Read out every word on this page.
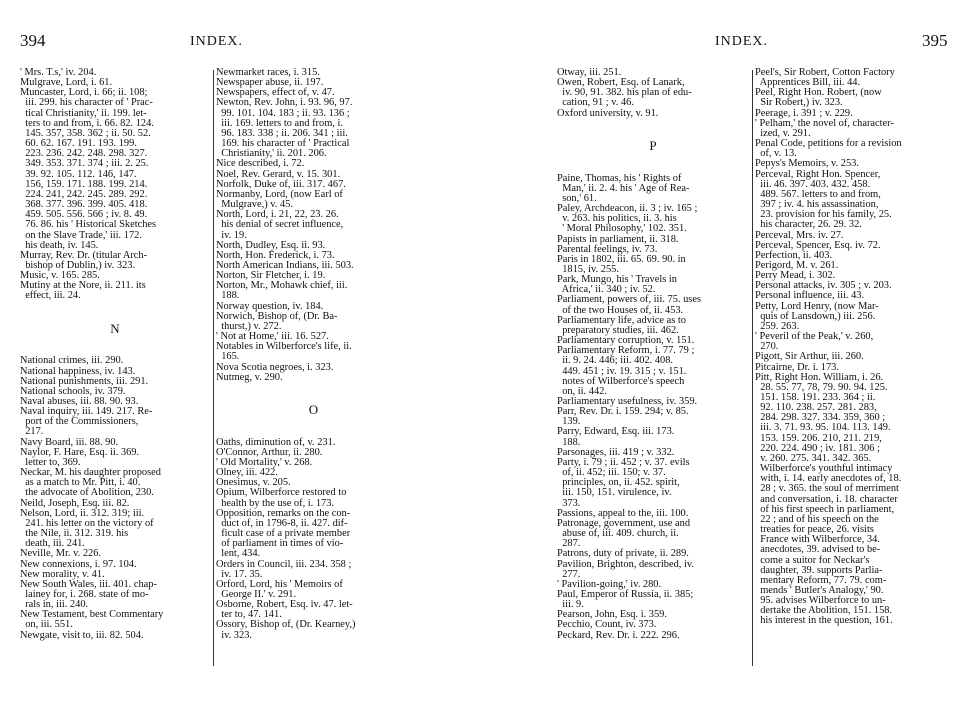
394	INDEX.	INDEX.	395
' Mrs. T.s,' iv. 204.
Mulgrave, Lord, i. 61.
Muncaster, Lord, i. 66; ii. 108;
iii. 299. his character of ' Prac-
tical Christianity,' ii. 199. let-
ters to and from, i. 66. 82. 124.
145. 357, 358. 362 ; ii. 50. 52.
60. 62. 167. 191. 193. 199.
223. 236. 242. 248. 298. 327.
349. 353. 371. 374 ; iii. 2. 25.
39. 92. 105. 112. 146, 147.
156, 159. 171. 188. 199. 214.
224. 241, 242. 245. 289. 292.
368. 377. 396. 399. 405. 418.
459. 505. 556. 566 ; iv. 8. 49.
76. 86. his ' Historical Sketches
on the Slave Trade,' iii. 172.
his death, iv. 145.
Murray, Rev. Dr. (titular Arch-
bishop of Dublin,) iv. 323.
Music, v. 165. 285.
Mutiny at the Nore, ii. 211. its
effect, iii. 24.

N

National crimes, iii. 290.
National happiness, iv. 143.
National punishments, iii. 291.
National schools, iv. 379.
Naval abuses, iii. 88. 90. 93.
Naval inquiry, iii. 149. 217. Re-
port of the Commissioners,
217.
Navy Board, iii. 88. 90.
Naylor, F. Hare, Esq. ii. 369.
letter to, 369.
Neckar, M. his daughter proposed
as a match to Mr. Pitt, i. 40.
the advocate of Abolition, 230.
Neild, Joseph, Esq. iii. 82.
Nelson, Lord, ii. 312. 319; iii.
241. his letter on the victory of
the Nile, ii. 312. 319. his
death, iii. 241.
Neville, Mr. v. 226.
New connexions, i. 97. 104.
New morality, v. 41.
New South Wales, iii. 401. chap-
lainey for, i. 268. state of mo-
rals in, iii. 240.
New Testament, best Commentary
on, iii. 551.
Newgate, visit to, iii. 82. 504.
Newmarket races, i. 315.
Newspaper abuse, ii. 197.
Newspapers, effect of, v. 47.
Newton, Rev. John, i. 93. 96, 97.
99. 101. 104. 183 ; ii. 93. 136 ;
iii. 169. letters to and from, i.
96. 183. 338 ; ii. 206. 341 ; iii.
169. his character of ' Practical
Christianity,' ii. 201. 206.
Nice described, i. 72.
Noel, Rev. Gerard, v. 15. 301.
Norfolk, Duke of, iii. 317. 467.
Normanby, Lord, (now Earl of
Mulgrave,) v. 45.
North, Lord, i. 21, 22, 23. 26.
his denial of secret influence,
iv. 19.
North, Dudley, Esq. ii. 93.
North, Hon. Frederick, i. 73.
North American Indians, iii. 503.
Norton, Sir Fletcher, i. 19.
Norton, Mr., Mohawk chief, iii.
188.
Norway question, iv. 184.
Norwich, Bishop of, (Dr. Ba-
thurst,) v. 272.
' Not at Home,' iii. 16. 527.
Notables in Wilberforce's life, ii.
165.
Nova Scotia negroes, i. 323.
Nutmeg, v. 290.

O

Oaths, diminution of, v. 231.
O'Connor, Arthur, ii. 280.
' Old Mortality,' v. 268.
Olney, iii. 422.
Onesimus, v. 205.
Opium, Wilberforce restored to
health by the use of, i. 173.
Opposition, remarks on the con-
duct of, in 1796-8, ii. 427. dif-
ficult case of a private member
of parliament in times of vio-
lent, 434.
Orders in Council, iii. 234. 358 ;
iv. 17. 35.
Orford, Lord, his ' Memoirs of
George II.' v. 291.
Osborne, Robert, Esq. iv. 47. let-
ter to, 47. 141.
Ossory, Bishop of, (Dr. Kearney,)
iv. 323.
Otway, iii. 251.
Owen, Robert, Esq. of Lanark,
iv. 90, 91. 382. his plan of edu-
cation, 91 ; v. 46.
Oxford university, v. 91.

P

Paine, Thomas, his ' Rights of
Man,' ii. 2. 4. his ' Age of Rea-
son,' 61.
Paley, Archdeacon, ii. 3 ; iv. 165 ;
v. 263. his politics, ii. 3. his
' Moral Philosophy,' 102. 351.
Papists in parliament, ii. 318.
Parental feelings, iv. 73.
Paris in 1802, iii. 65. 69. 90. in
1815, iv. 255.
Park, Mungo, his ' Travels in
Africa,' ii. 340 ; iv. 52.
Parliament, powers of, iii. 75. uses
of the two Houses of, ii. 453.
Parliamentary life, advice as to
preparatory studies, iii. 462.
Parliamentary corruption, v. 151.
Parliamentary Reform, i. 77. 79 ;
ii. 9. 24. 446; iii. 402. 408.
449. 451 ; iv. 19. 315 ; v. 151.
notes of Wilberforce's speech
on, ii. 442.
Parliamentary usefulness, iv. 359.
Parr, Rev. Dr. i. 159. 294; v. 85.
139.
Parry, Edward, Esq. iii. 173.
188.
Parsonages, iii. 419 ; v. 332.
Party, i. 79 ; ii. 452 ; v. 37. evils
of, ii. 452; iii. 150; v. 37.
principles, on, ii. 452. spirit,
iii. 150, 151. virulence, iv.
373.
Passions, appeal to the, iii. 100.
Patronage, government, use and
abuse of, iii. 409. church, ii.
287.
Patrons, duty of private, ii. 289.
Pavilion, Brighton, described, iv.
277.
' Pavilion-going,' iv. 280.
Paul, Emperor of Russia, ii. 385;
iii. 9.
Pearson, John, Esq. i. 359.
Pecchio, Count, iv. 373.
Peckard, Rev. Dr. i. 222. 296.
Peel's, Sir Robert, Cotton Factory
Apprentices Bill, iii. 44.
Peel, Right Hon. Robert, (now
Sir Robert,) iv. 323.
Peerage, i. 391 ; v. 229.
' Pelham,' the novel of, character-
ized, v. 291.
Penal Code, petitions for a revision
of, v. 13.
Pepys's Memoirs, v. 253.
Perceval, Right Hon. Spencer,
iii. 46. 397. 403. 432. 458.
489. 567. letters to and from,
397 ; iv. 4. his assassination,
23. provision for his family, 25.
his character, 26. 29. 32.
Perceval, Mrs. iv. 27.
Perceval, Spencer, Esq. iv. 72.
Perfection, ii. 403.
Perigord, M. v. 261.
Perry Mead, i. 302.
Personal attacks, iv. 305 ; v. 203.
Personal influence, iii. 43.
Petty, Lord Henry, (now Mar-
quis of Lansdown,) iii. 256.
259. 263.
' Peveril of the Peak,' v. 260,
270.
Pigott, Sir Arthur, iii. 260.
Pitcairne, Dr. i. 173.
Pitt, Right Hon. William, i. 26.
28. 55. 77, 78, 79. 90. 94. 125.
151. 158. 191. 233. 364 ; ii.
92. 110. 238. 257. 281. 283,
284. 298. 327. 334. 359, 360 ;
iii. 3. 71. 93. 95. 104. 113. 149.
153. 159. 206. 210, 211. 219,
220. 224. 490 ; iv. 181. 306 ;
v. 260. 275. 341. 342. 365.
Wilberforce's youthful intimacy
with, i. 14. early anecdotes of, 18.
28 ; v. 365. the soul of merriment
and conversation, i. 18. character
of his first speech in parliament,
22 ; and of his speech on the
treaties for peace, 26. visits
France with Wilberforce, 34.
anecdotes, 39. advised to be-
come a suitor for Neckar's
daughter, 39. supports Parlia-
mentary Reform, 77. 79. com-
mends ' Butler's Analogy,' 90.
95. advises Wilberforce to un-
dertake the Abolition, 151. 158.
his interest in the question, 161.
